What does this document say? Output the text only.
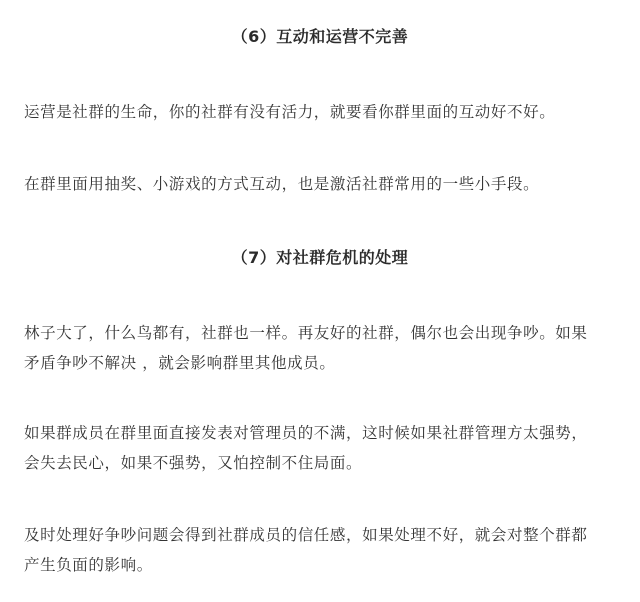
（6）互动和运营不完善
运营是社群的生命，你的社群有没有活力，就要看你群里面的互动好不好。
在群里面用抽奖、小游戏的方式互动，也是激活社群常用的一些小手段。
（7）对社群危机的处理
林子大了，什么鸟都有，社群也一样。再友好的社群，偶尔也会出现争吵。如果
矛盾争吵不解决 ，就会影响群里其他成员。
如果群成员在群里面直接发表对管理员的不满，这时候如果社群管理方太强势，
会失去民心，如果不强势，又怕控制不住局面。
及时处理好争吵问题会得到社群成员的信任感，如果处理不好，就会对整个群都
产生负面的影响。
